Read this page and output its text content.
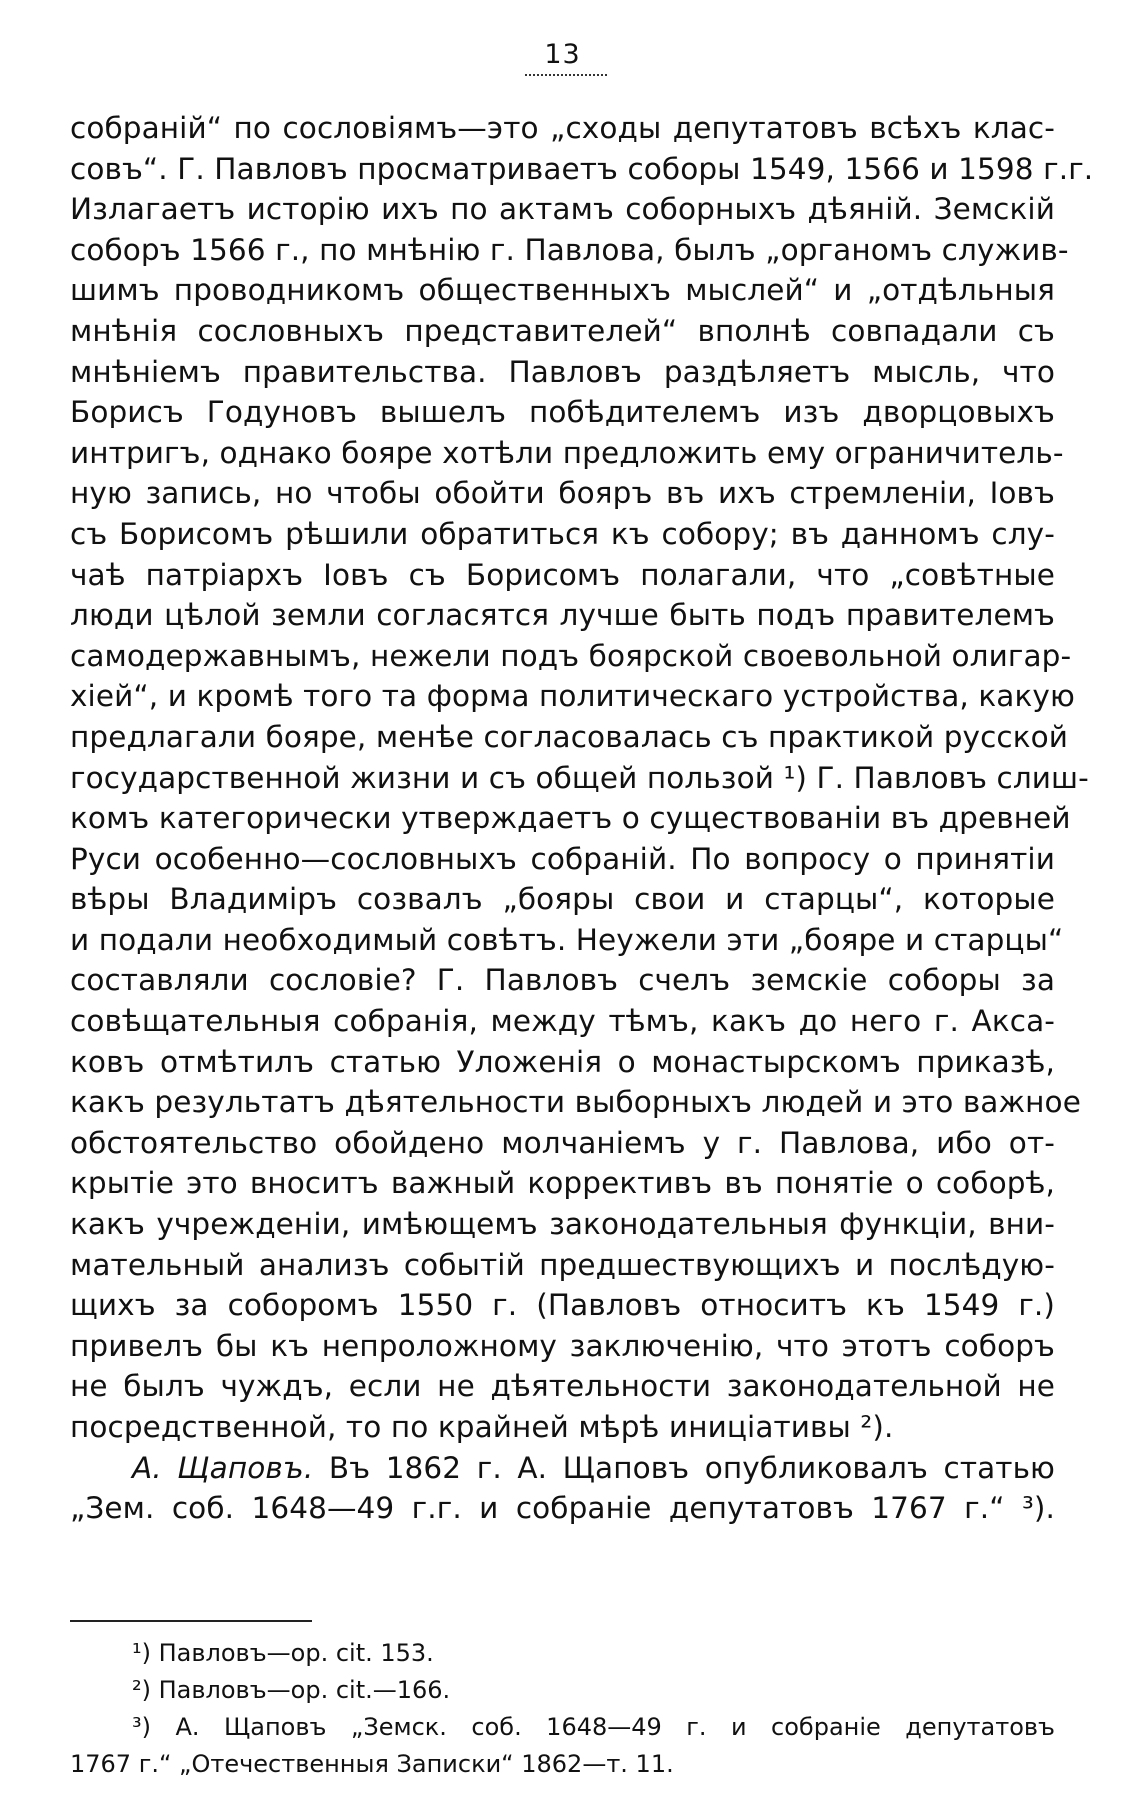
13
собраній“ по сословіямъ—это „сходы депутатовъ всѣхъ клас-
совъ“. Г. Павловъ просматриваетъ соборы 1549, 1566 и 1598 г.г.
Излагаетъ исторію ихъ по актамъ соборныхъ дѣяній. Земскій
соборъ 1566 г., по мнѣнію г. Павлова, былъ „органомъ служив-
шимъ проводникомъ общественныхъ мыслей“ и „отдѣльныя
мнѣнія сословныхъ представителей“ вполнѣ совпадали съ
мнѣніемъ правительства. Павловъ раздѣляетъ мысль, что
Борисъ Годуновъ вышелъ побѣдителемъ изъ дворцовыхъ
интригъ, однако бояре хотѣли предложить ему ограничитель-
ную запись, но чтобы обойти бояръ въ ихъ стремленіи, Іовъ
съ Борисомъ рѣшили обратиться къ собору; въ данномъ слу-
чаѣ патріархъ Іовъ съ Борисомъ полагали, что „совѣтные
люди цѣлой земли согласятся лучше быть подъ правителемъ
самодержавнымъ, нежели подъ боярской своевольной олигар-
хіей“, и кромѣ того та форма политическаго устройства, какую
предлагали бояре, менѣе согласовалась съ практикой русской
государственной жизни и съ общей пользой ¹) Г. Павловъ слиш-
комъ категорически утверждаетъ о существованіи въ древней
Руси особенно—сословныхъ собраній. По вопросу о принятіи
вѣры Владиміръ созвалъ „бояры свои и старцы“, которые
и подали необходимый совѣтъ. Неужели эти „бояре и старцы“
составляли сословіе? Г. Павловъ счелъ земскіе соборы за
совѣщательныя собранія, между тѣмъ, какъ до него г. Акса-
ковъ отмѣтилъ статью Уложенія о монастырскомъ приказѣ,
какъ результатъ дѣятельности выборныхъ людей и это важное
обстоятельство обойдено молчаніемъ у г. Павлова, ибо от-
крытіе это вноситъ важный коррективъ въ понятіе о соборѣ,
какъ учрежденіи, имѣющемъ законодательныя функціи, вни-
мательный анализъ событій предшествующихъ и послѣдую-
щихъ за соборомъ 1550 г. (Павловъ относитъ къ 1549 г.)
привелъ бы къ непроложному заключенію, что этотъ соборъ
не былъ чуждъ, если не дѣятельности законодательной не
посредственной, то по крайней мѣрѣ иниціативы ²).
А. Щаповъ. Въ 1862 г. А. Щаповъ опубликовалъ статью
„Зем. соб. 1648—49 г.г. и собраніе депутатовъ 1767 г.“ ³).
¹) Павловъ—ор. cit. 153.
²) Павловъ—ор. cit.—166.
³) А. Щаповъ „Земск. соб. 1648—49 г. и собраніе депутатовъ
1767 г.“ „Отечественныя Записки“ 1862—т. 11.
